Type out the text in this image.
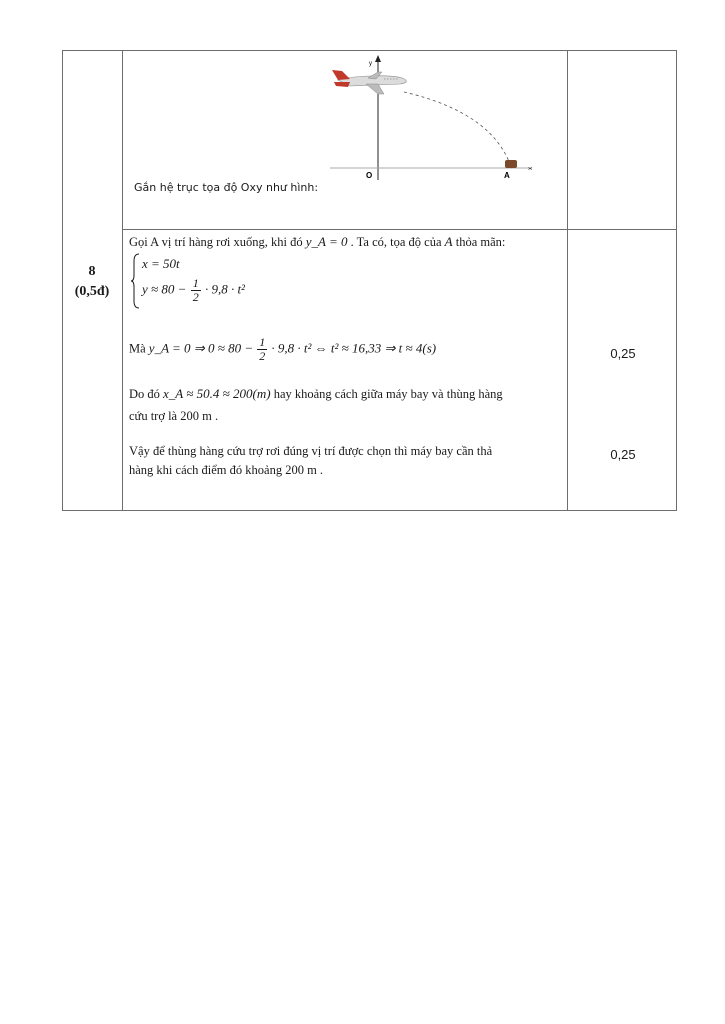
8
(0,5đ)
Gắn hệ trục tọa độ Oxy như hình:
y
x
O	A
Gọi A vị trí hàng rơi xuống, khi đó y_A = 0 . Ta có, tọa độ của A thỏa mãn:
x = 50t
$y \approx 80 - \frac{1}{2} \cdot 9,8 \cdot t^2$
Mà y_A = 0 ⇒ $0 \approx 80 - \frac{1}{2} \cdot 9,8 \cdot t^2$ ⇔ t² ≈ 16,33 ⇒ t ≈ 4(s)
Do đó x_A ≈ 50.4 ≈ 200(m) hay khoảng cách giữa máy bay và thùng hàng
cứu trợ là 200 m .
Vậy để thùng hàng cứu trợ rơi đúng vị trí được chọn thì máy bay cần thả
hàng khi cách điểm đó khoảng 200 m .
0,25
0,25
